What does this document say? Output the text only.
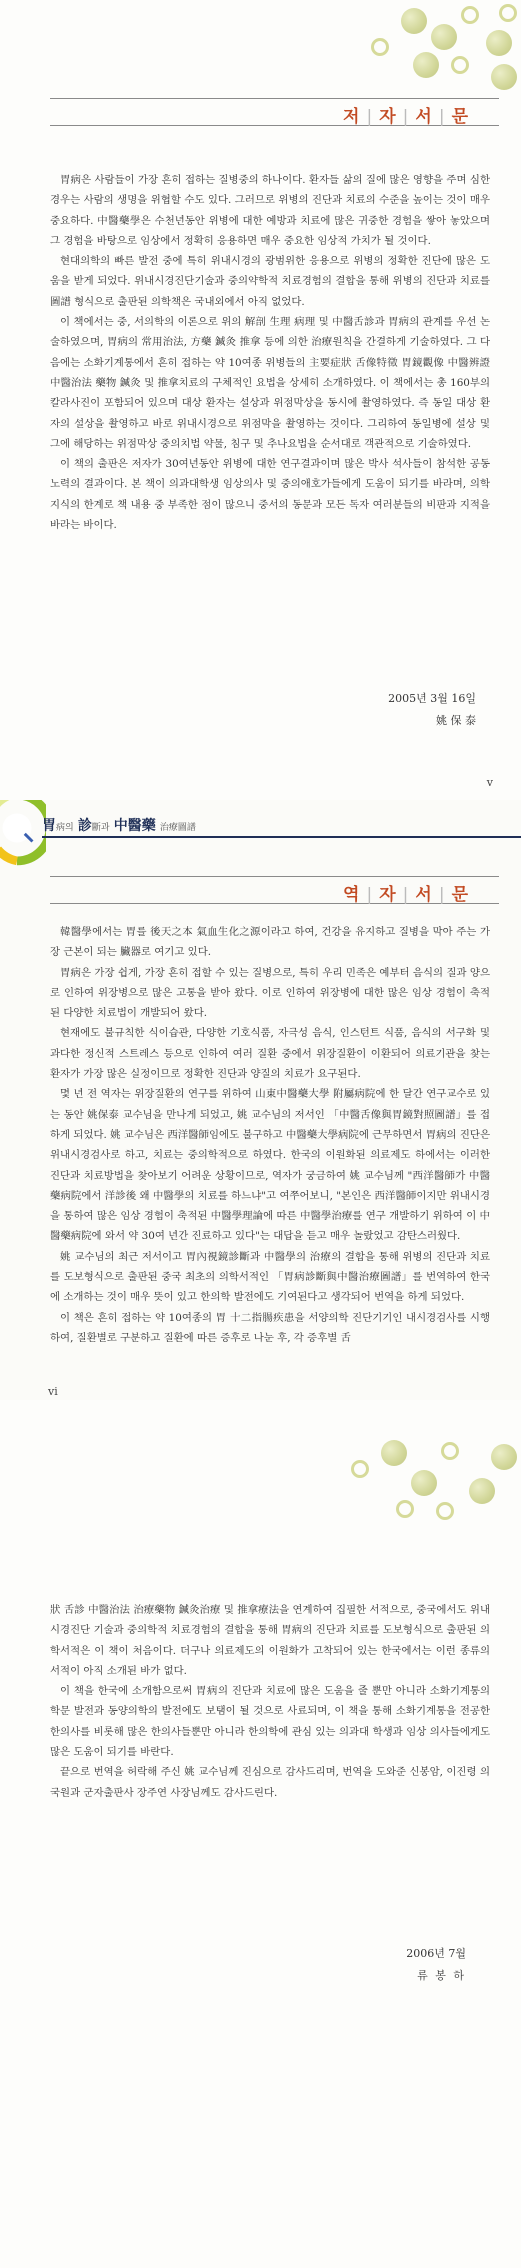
저 | 자 | 서 | 문

胃病은 사람들이 가장 흔히 접하는 질병중의 하나이다. 환자들 삶의 질에 많은 영향을 주며 심한 경우는 사람의 생명을 위협할 수도 있다. 그러므로 위병의 진단과 치료의 수준을 높이는 것이 매우 중요하다. 中醫藥學은 수천년동안 위병에 대한 예방과 치료에 많은 귀중한 경험을 쌓아 놓았으며 그 경험을 바탕으로 임상에서 정확히 응용하면 매우 중요한 임상적 가치가 될 것이다.

현대의학의 빠른 발전 중에 특히 위내시경의 광범위한 응용으로 위병의 정확한 진단에 많은 도움을 받게 되었다. 위내시경진단기술과 중의약학적 치료경험의 결합을 통해 위병의 진단과 치료를 圖譜 형식으로 출판된 의학책은 국내외에서 아직 없었다.

이 책에서는 중, 서의학의 이론으로 위의 解剖 生理 病理 및 中醫舌診과 胃病의 관계를 우선 논술하였으며, 胃病의 常用治法, 方藥 鍼灸 推拿 등에 의한 治療원칙을 간결하게 기술하였다. 그 다음에는 소화기계통에서 흔히 접하는 약 10여종 위병들의 主要症狀 舌像特徵 胃鏡觀像 中醫辨證 中醫治法 藥物 鍼灸 및 推拿치료의 구체적인 요법을 상세히 소개하였다. 이 책에서는 총 160부의 칼라사진이 포함되어 있으며 대상 환자는 설상과 위점막상을 동시에 촬영하였다. 즉 동일 대상 환자의 설상을 촬영하고 바로 위내시경으로 위점막을 촬영하는 것이다. 그리하여 동일병에 설상 및 그에 해당하는 위점막상 중의치법 약물, 침구 및 추나요법을 순서대로 객관적으로 기술하였다.

이 책의 출판은 저자가 30여년동안 위병에 대한 연구결과이며 많은 박사 석사들이 참석한 공동 노력의 결과이다. 본 책이 의과대학생 임상의사 및 중의애호가들에게 도움이 되기를 바라며, 의학지식의 한계로 책 내용 중 부족한 점이 많으니 중서의 동문과 모든 독자 여러분들의 비판과 지적을 바라는 바이다.

2005년 3월 16일
姚 保 泰
v
胃病의 診斷과 中醫藥 治療圖譜
역 | 자 | 서 | 문

韓醫學에서는 胃를 後天之本 氣血生化之源이라고 하여, 건강을 유지하고 질병을 막아 주는 가장 근본이 되는 臟器로 여기고 있다.

胃病은 가장 쉽게, 가장 흔히 접할 수 있는 질병으로, 특히 우리 민족은 예부터 음식의 질과 양으로 인하여 위장병으로 많은 고통을 받아 왔다. 이로 인하여 위장병에 대한 많은 임상 경험이 축적된 다양한 치료법이 개발되어 왔다.

현재에도 불규칙한 식이습관, 다양한 기호식품, 자극성 음식, 인스턴트 식품, 음식의 서구화 및 과다한 정신적 스트레스 등으로 인하여 여러 질환 중에서 위장질환이 이환되어 의료기관을 찾는 환자가 가장 많은 실정이므로 정확한 진단과 양질의 치료가 요구된다.

몇 년 전 역자는 위장질환의 연구를 위하여 山東中醫藥大學 附屬病院에 한 달간 연구교수로 있는 동안 姚保泰 교수님을 만나게 되었고, 姚 교수님의 저서인 「中醫舌像與胃鏡對照圖譜」를 접하게 되었다. 姚 교수님은 西洋醫師임에도 불구하고 中醫藥大學病院에 근무하면서 胃病의 진단은 위내시경검사로 하고, 치료는 중의학적으로 하였다. 한국의 이원화된 의료제도 하에서는 이러한 진단과 치료방법을 찾아보기 어려운 상황이므로, 역자가 궁금하여 姚 교수님께 "西洋醫師가 中醫藥病院에서 洋診後 왜 中醫學의 치료를 하느냐"고 여쭈어보니, "본인은 西洋醫師이지만 위내시경을 통하여 많은 임상 경험이 축적된 中醫學理論에 따른 中醫學治療를 연구 개발하기 위하여 이 中醫藥病院에 와서 약 30여 년간 진료하고 있다"는 대답을 듣고 매우 놀랐었고 감탄스러웠다.

姚 교수님의 최근 저서이고 胃內視鏡診斷과 中醫學의 治療의 결합을 통해 위병의 진단과 치료를 도보형식으로 출판된 중국 최초의 의학서적인 「胃病診斷與中醫治療圖譜」를 번역하여 한국에 소개하는 것이 매우 뜻이 있고 한의학 발전에도 기여된다고 생각되어 번역을 하게 되었다.

이 책은 흔히 접하는 약 10여종의 胃 十二指腸疾患을 서양의학 진단기기인 내시경검사를 시행하여, 질환별로 구분하고 질환에 따른 증후로 나눈 후, 각 증후별 舌

vi

狀 舌診 中醫治法 治療藥物 鍼灸治療 및 推拿療法을 연계하여 집필한 서적으로, 중국에서도 위내시경진단 기술과 중의학적 치료경험의 결합을 통해 胃病의 진단과 치료를 도보형식으로 출판된 의학서적은 이 책이 처음이다. 더구나 의료제도의 이원화가 고착되어 있는 한국에서는 이런 종류의 서적이 아직 소개된 바가 없다.

이 책을 한국에 소개함으로써 胃病의 진단과 치료에 많은 도움을 줄 뿐만 아니라 소화기계통의 학문 발전과 동양의학의 발전에도 보탬이 될 것으로 사료되며, 이 책을 통해 소화기계통을 전공한 한의사를 비롯해 많은 한의사들뿐만 아니라 한의학에 관심 있는 의과대 학생과 임상 의사들에게도 많은 도움이 되기를 바란다.

끝으로 번역을 허락해 주신 姚 교수님께 진심으로 감사드리며, 번역을 도와준 신봉암, 이진령 의국원과 군자출판사 장주연 사장님께도 감사드린다.

2006년 7월
류 봉 하
